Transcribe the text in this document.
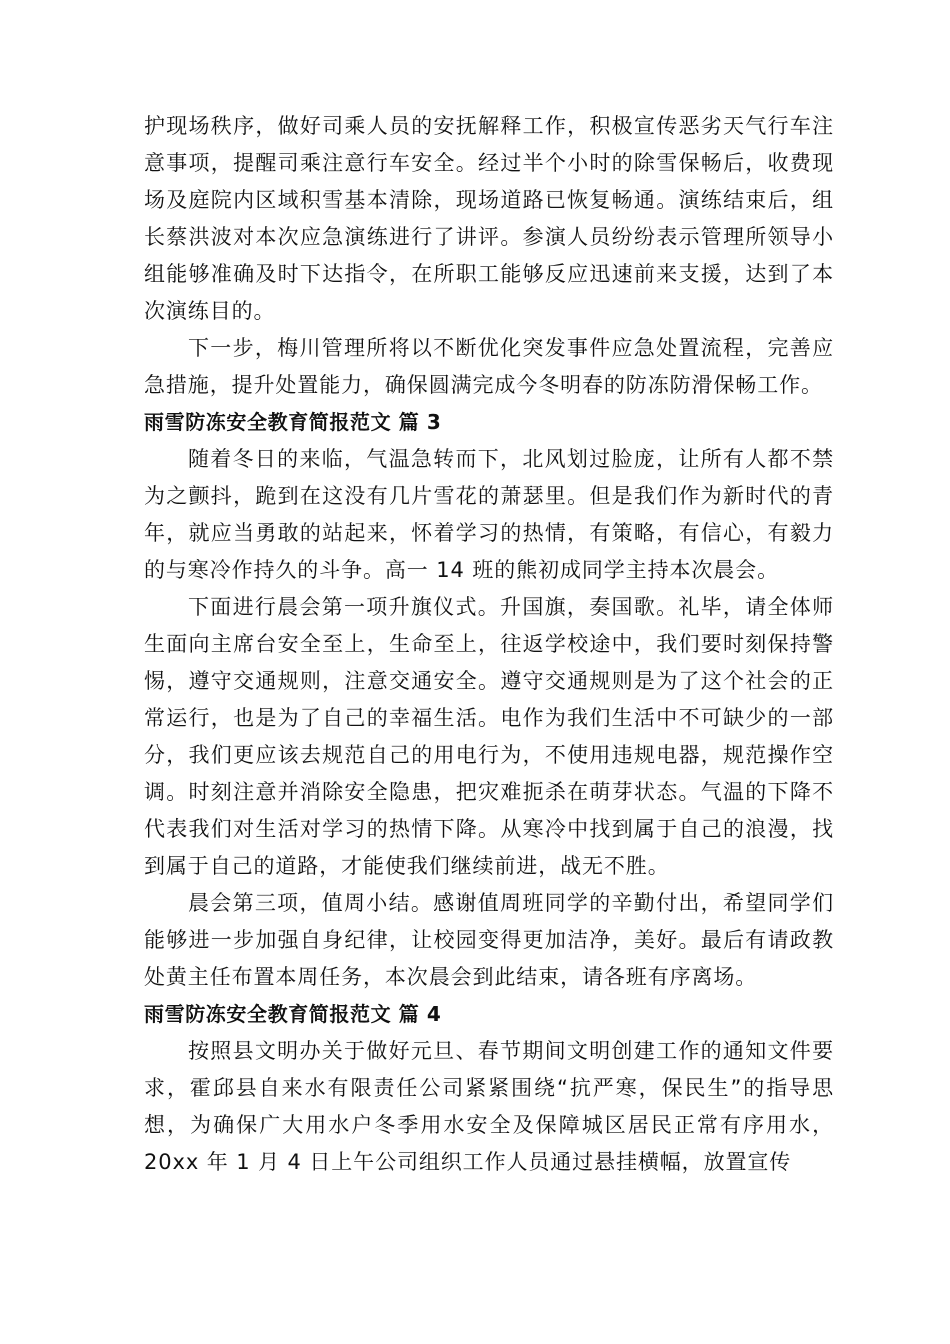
护现场秩序，做好司乘人员的安抚解释工作，积极宣传恶劣天气行车注意事项，提醒司乘注意行车安全。经过半个小时的除雪保畅后，收费现场及庭院内区域积雪基本清除，现场道路已恢复畅通。演练结束后，组长蔡洪波对本次应急演练进行了讲评。参演人员纷纷表示管理所领导小组能够准确及时下达指令，在所职工能够反应迅速前来支援，达到了本次演练目的。

下一步，梅川管理所将以不断优化突发事件应急处置流程，完善应急措施，提升处置能力，确保圆满完成今冬明春的防冻防滑保畅工作。

雨雪防冻安全教育简报范文 篇 3

随着冬日的来临，气温急转而下，北风划过脸庞，让所有人都不禁为之颤抖，跪到在这没有几片雪花的萧瑟里。但是我们作为新时代的青年，就应当勇敢的站起来，怀着学习的热情，有策略，有信心，有毅力的与寒冷作持久的斗争。高一 14 班的熊初成同学主持本次晨会。

下面进行晨会第一项升旗仪式。升国旗，奏国歌。礼毕，请全体师生面向主席台安全至上，生命至上，往返学校途中，我们要时刻保持警惕，遵守交通规则，注意交通安全。遵守交通规则是为了这个社会的正常运行，也是为了自己的幸福生活。电作为我们生活中不可缺少的一部分，我们更应该去规范自己的用电行为，不使用违规电器，规范操作空调。时刻注意并消除安全隐患，把灾难扼杀在萌芽状态。气温的下降不代表我们对生活对学习的热情下降。从寒冷中找到属于自己的浪漫，找到属于自己的道路，才能使我们继续前进，战无不胜。

晨会第三项，值周小结。感谢值周班同学的辛勤付出，希望同学们能够进一步加强自身纪律，让校园变得更加洁净，美好。最后有请政教处黄主任布置本周任务，本次晨会到此结束，请各班有序离场。

雨雪防冻安全教育简报范文 篇 4

按照县文明办关于做好元旦、春节期间文明创建工作的通知文件要求，霍邱县自来水有限责任公司紧紧围绕“抗严寒，保民生”的指导思想，为确保广大用水户冬季用水安全及保障城区居民正常有序用水，20xx 年 1 月 4 日上午公司组织工作人员通过悬挂横幅，放置宣传
